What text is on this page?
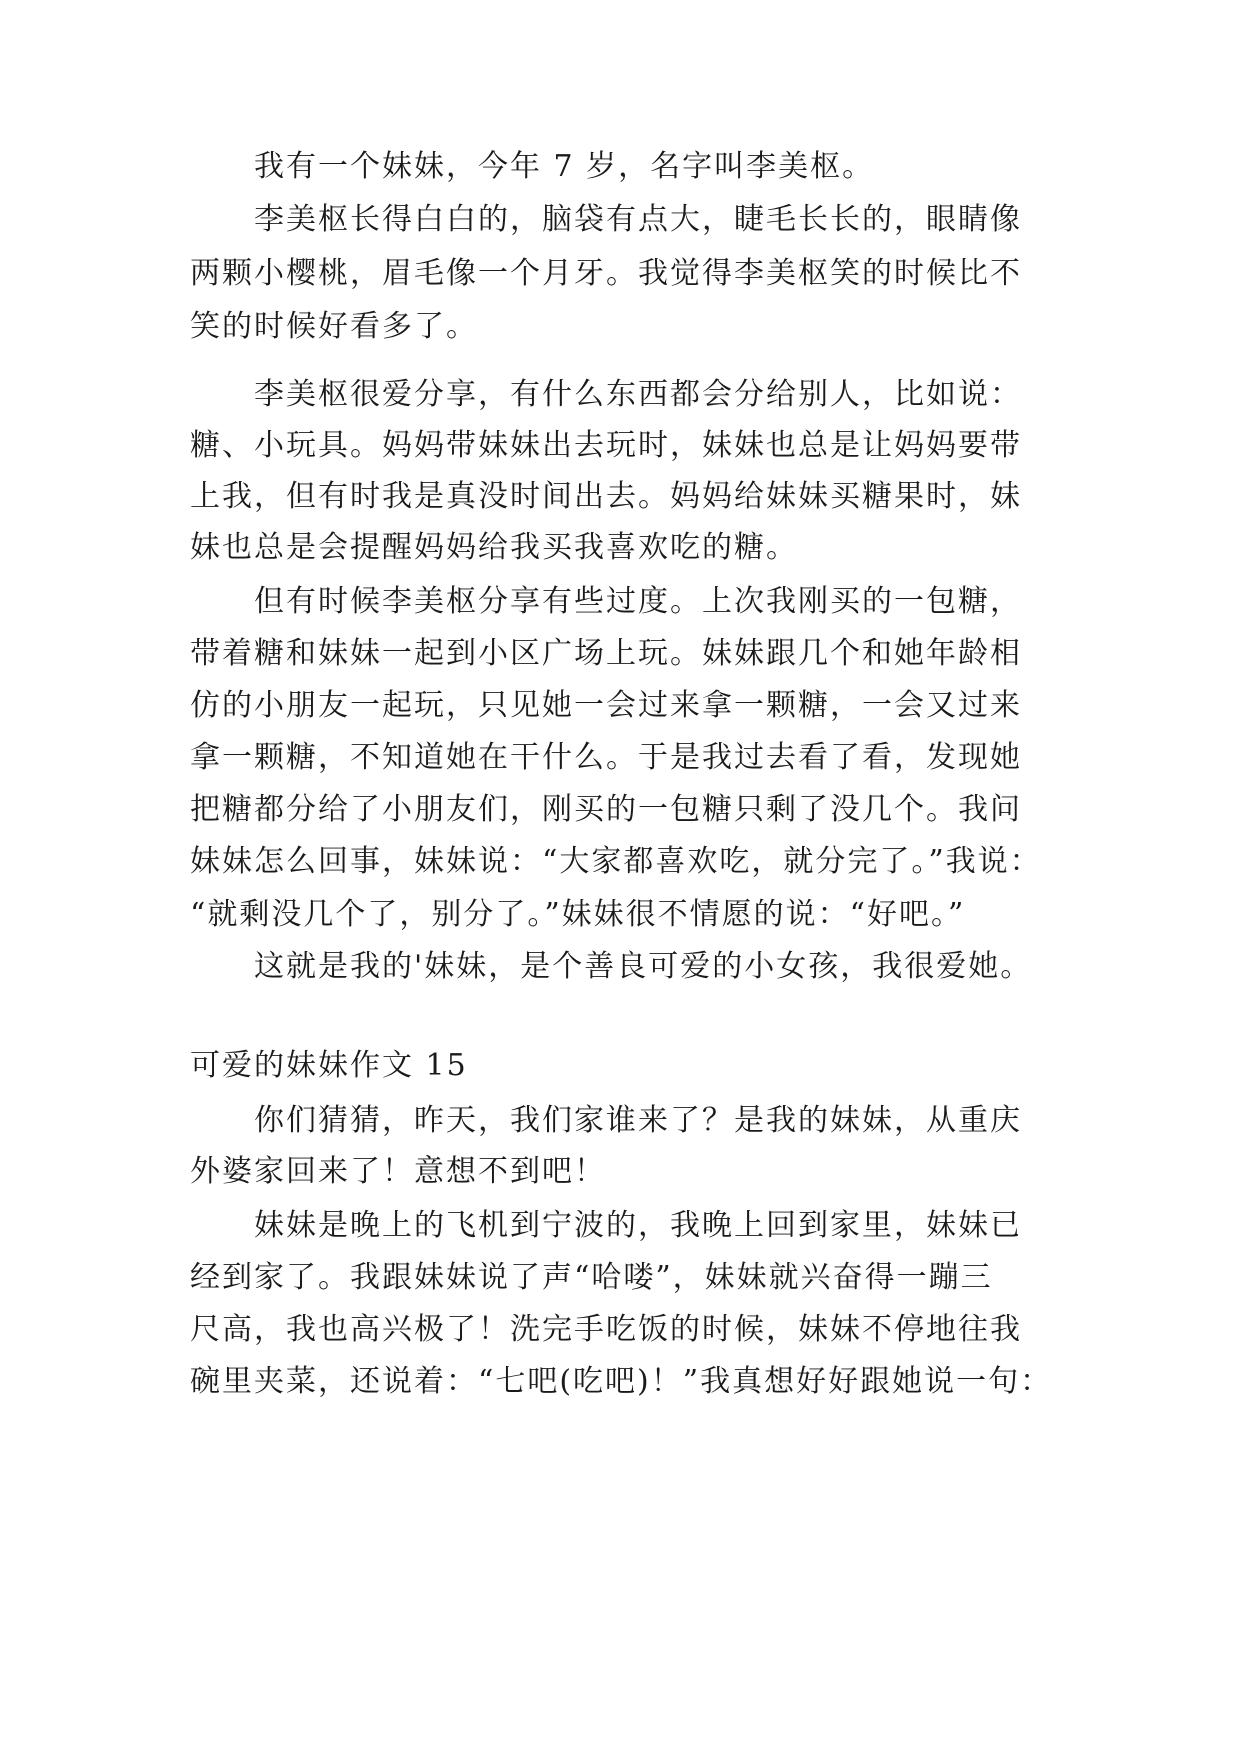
我有一个妹妹，今年 7 岁，名字叫李美枢。
李美枢长得白白的，脑袋有点大，睫毛长长的，眼睛像
两颗小樱桃，眉毛像一个月牙。我觉得李美枢笑的时候比不
笑的时候好看多了。
李美枢很爱分享，有什么东西都会分给别人，比如说：
糖、小玩具。妈妈带妹妹出去玩时，妹妹也总是让妈妈要带
上我，但有时我是真没时间出去。妈妈给妹妹买糖果时，妹
妹也总是会提醒妈妈给我买我喜欢吃的糖。
但有时候李美枢分享有些过度。上次我刚买的一包糖，
带着糖和妹妹一起到小区广场上玩。妹妹跟几个和她年龄相
仿的小朋友一起玩，只见她一会过来拿一颗糖，一会又过来
拿一颗糖，不知道她在干什么。于是我过去看了看，发现她
把糖都分给了小朋友们，刚买的一包糖只剩了没几个。我问
妹妹怎么回事，妹妹说：“大家都喜欢吃，就分完了。”我说：
“就剩没几个了，别分了。”妹妹很不情愿的说：“好吧。”
这就是我的'妹妹，是个善良可爱的小女孩，我很爱她。
可爱的妹妹作文 15
你们猜猜，昨天，我们家谁来了？是我的妹妹，从重庆
外婆家回来了！意想不到吧！
妹妹是晚上的飞机到宁波的，我晚上回到家里，妹妹已
经到家了。我跟妹妹说了声“哈喽”，妹妹就兴奋得一蹦三
尺高，我也高兴极了！洗完手吃饭的时候，妹妹不停地往我
碗里夹菜，还说着：“七吧(吃吧)！”我真想好好跟她说一句：
